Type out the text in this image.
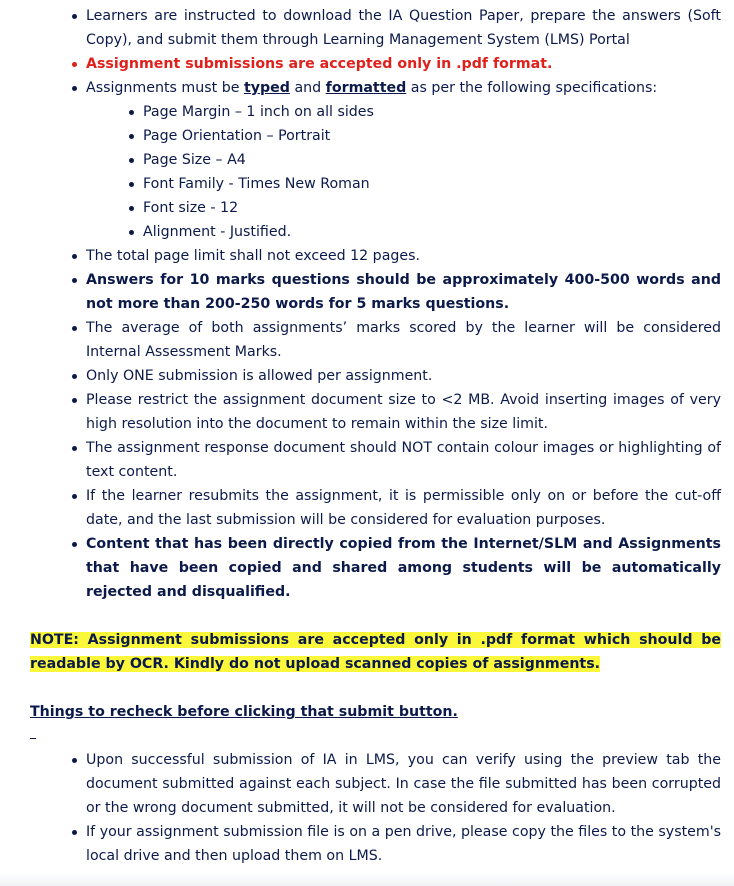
Learners are instructed to download the IA Question Paper, prepare the answers (Soft Copy), and submit them through Learning Management System (LMS) Portal
Assignment submissions are accepted only in .pdf format.
Assignments must be typed and formatted as per the following specifications:
Page Margin – 1 inch on all sides
Page Orientation – Portrait
Page Size – A4
Font Family - Times New Roman
Font size - 12
Alignment - Justified.
The total page limit shall not exceed 12 pages.
Answers for 10 marks questions should be approximately 400-500 words and not more than 200-250 words for 5 marks questions.
The average of both assignments’ marks scored by the learner will be considered Internal Assessment Marks.
Only ONE submission is allowed per assignment.
Please restrict the assignment document size to <2 MB. Avoid inserting images of very high resolution into the document to remain within the size limit.
The assignment response document should NOT contain colour images or highlighting of text content.
If the learner resubmits the assignment, it is permissible only on or before the cut-off date, and the last submission will be considered for evaluation purposes.
Content that has been directly copied from the Internet/SLM and Assignments that have been copied and shared among students will be automatically rejected and disqualified.
NOTE: Assignment submissions are accepted only in .pdf format which should be readable by OCR. Kindly do not upload scanned copies of assignments.
Things to recheck before clicking that submit button.
Upon successful submission of IA in LMS, you can verify using the preview tab the document submitted against each subject. In case the file submitted has been corrupted or the wrong document submitted, it will not be considered for evaluation.
If your assignment submission file is on a pen drive, please copy the files to the system's local drive and then upload them on LMS.
